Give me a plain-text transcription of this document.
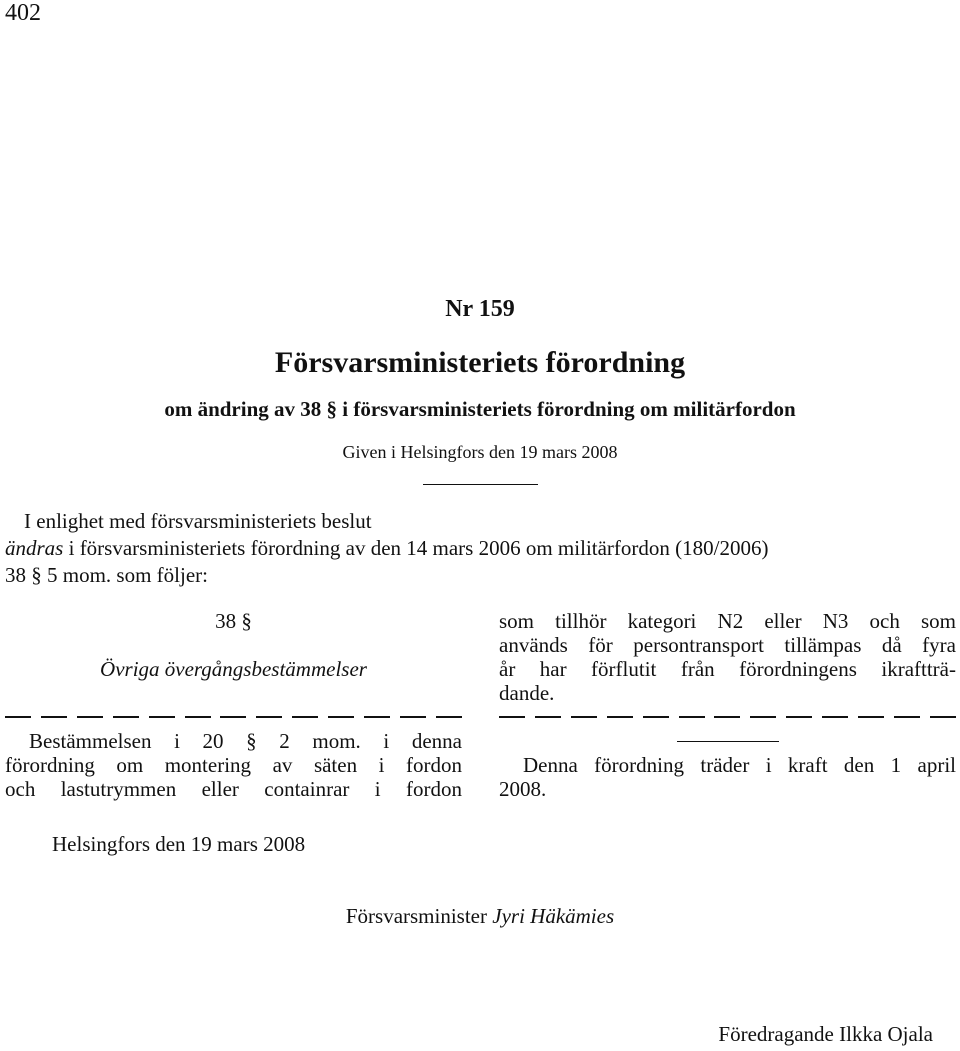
402
Nr 159
Försvarsministeriets förordning
om ändring av 38 § i försvarsministeriets förordning om militärfordon
Given i Helsingfors den 19 mars 2008
I enlighet med försvarsministeriets beslut
ändras i försvarsministeriets förordning av den 14 mars 2006 om militärfordon (180/2006)
38 § 5 mom. som följer:
38 §
Övriga övergångsbestämmelser
Bestämmelsen i 20 § 2 mom. i denna
förordning om montering av säten i fordon
och lastutrymmen eller containrar i fordon
som tillhör kategori N2 eller N3 och som
används för persontransport tillämpas då fyra
år har förflutit från förordningens ikraftträ-
dande.
Denna förordning träder i kraft den 1 april
2008.
Helsingfors den 19 mars 2008
Försvarsminister Jyri Häkämies
Föredragande Ilkka Ojala
